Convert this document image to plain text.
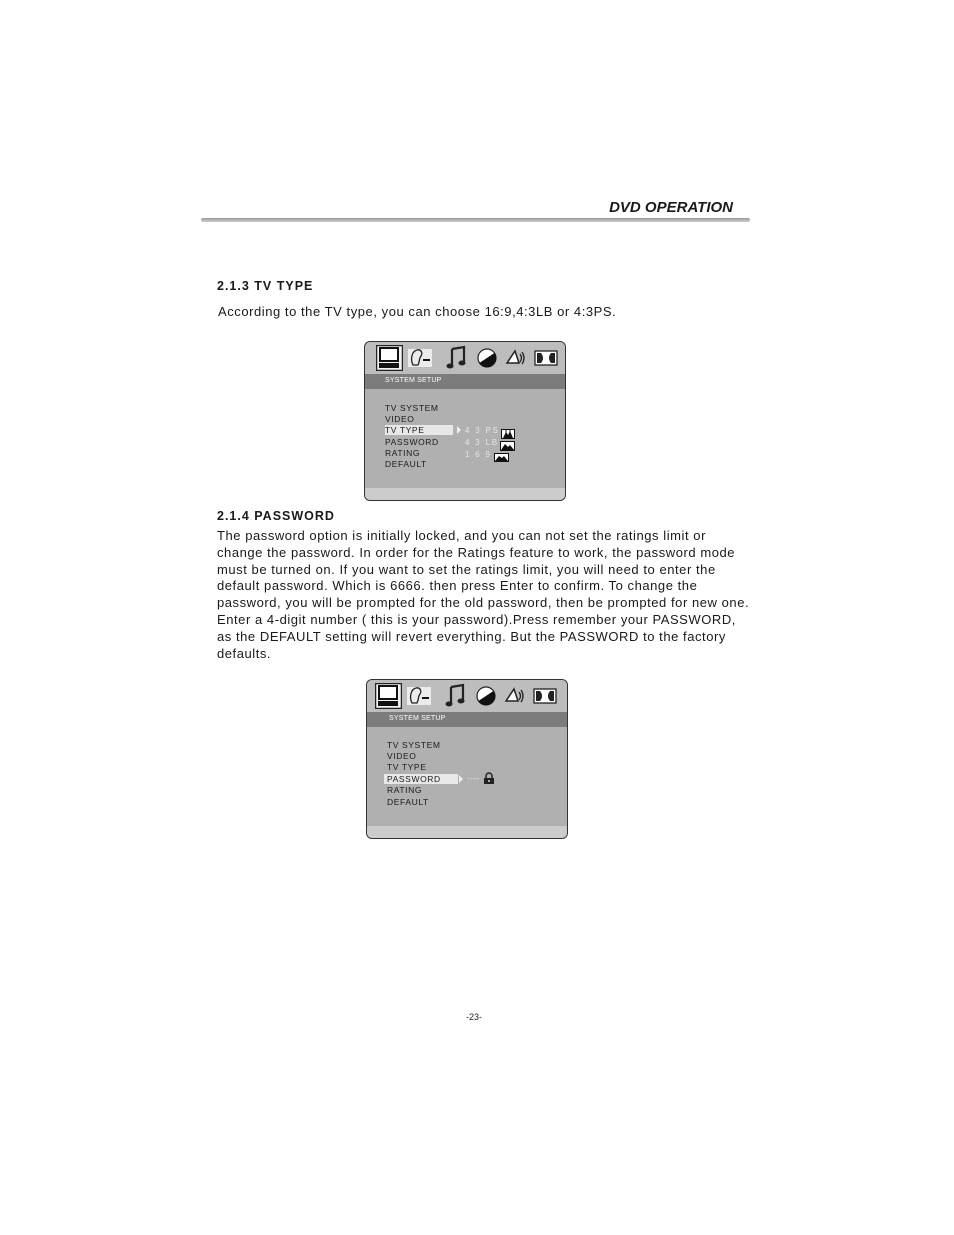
DVD OPERATION
2.1.3 TV TYPE
According to the TV type, you can choose 16:9,4:3LB or 4:3PS.
SYSTEM SETUP
TV SYSTEM
VIDEO
TV TYPE
PASSWORD
RATING
DEFAULT
4 3 PS
4 3 LB
1 6 9
2.1.4 PASSWORD

The password option is initially locked, and you can not set the ratings limit or

change the password. In order for the Ratings feature to work, the password mode

must be turned on. If you want to set the ratings limit, you will need to enter the

default password. Which is 6666. then press Enter to confirm. To change the

password, you will be prompted for the old password, then be prompted for new one.

Enter a 4-digit number ( this is your password).Press remember your PASSWORD,

as the DEFAULT setting will revert everything. But the PASSWORD to the factory

defaults.

SYSTEM SETUP
TV SYSTEM
VIDEO
TV TYPE
PASSWORD
RATING
DEFAULT
----
-23-
